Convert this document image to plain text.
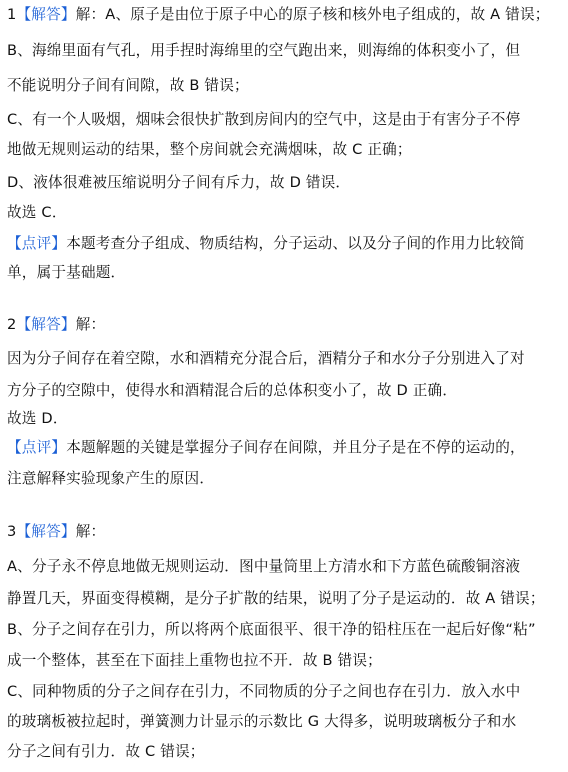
1【解答】解：A、原子是由位于原子中心的原子核和核外电子组成的，故 A 错误；
B、海绵里面有气孔，用手捏时海绵里的空气跑出来，则海绵的体积变小了，但
不能说明分子间有间隙，故 B 错误；
C、有一个人吸烟，烟味会很快扩散到房间内的空气中，这是由于有害分子不停
地做无规则运动的结果，整个房间就会充满烟味，故 C 正确；
D、液体很难被压缩说明分子间有斥力，故 D 错误．
故选 C．
【点评】本题考查分子组成、物质结构，分子运动、以及分子间的作用力比较简
单，属于基础题．
2【解答】解：
因为分子间存在着空隙，水和酒精充分混合后，酒精分子和水分子分别进入了对
方分子的空隙中，使得水和酒精混合后的总体积变小了，故 D 正确．
故选 D．
【点评】本题解题的关键是掌握分子间存在间隙，并且分子是在不停的运动的，
注意解释实验现象产生的原因．
3【解答】解：
A、分子永不停息地做无规则运动．图中量筒里上方清水和下方蓝色硫酸铜溶液
静置几天，界面变得模糊，是分子扩散的结果，说明了分子是运动的．故 A 错误；
B、分子之间存在引力，所以将两个底面很平、很干净的铅柱压在一起后好像“粘”
成一个整体，甚至在下面挂上重物也拉不开．故 B 错误；
C、同种物质的分子之间存在引力，不同物质的分子之间也存在引力．放入水中
的玻璃板被拉起时，弹簧测力计显示的示数比 G 大得多，说明玻璃板分子和水
分子之间有引力．故 C 错误；
